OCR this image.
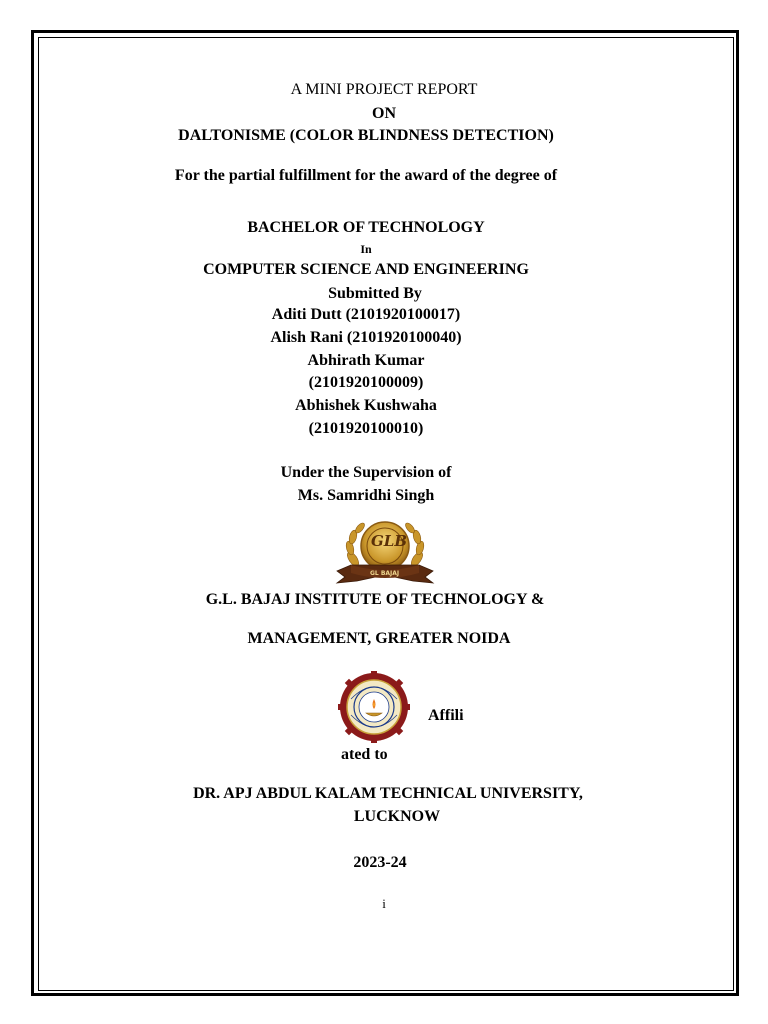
A MINI PROJECT REPORT
ON
DALTONISME (COLOR BLINDNESS DETECTION)
For the partial fulfillment for the award of the degree of
BACHELOR OF TECHNOLOGY
In
COMPUTER SCIENCE AND ENGINEERING
Submitted By
Aditi Dutt (2101920100017)
Alish Rani (2101920100040)
Abhirath Kumar
(2101920100009)
Abhishek Kushwaha
(2101920100010)
Under the Supervision of
Ms. Samridhi Singh
GLB
GL BAJAJ
G.L. BAJAJ INSTITUTE OF TECHNOLOGY &
MANAGEMENT, GREATER NOIDA
Affili
ated to
DR. APJ ABDUL KALAM TECHNICAL UNIVERSITY,
LUCKNOW
2023-24
i
